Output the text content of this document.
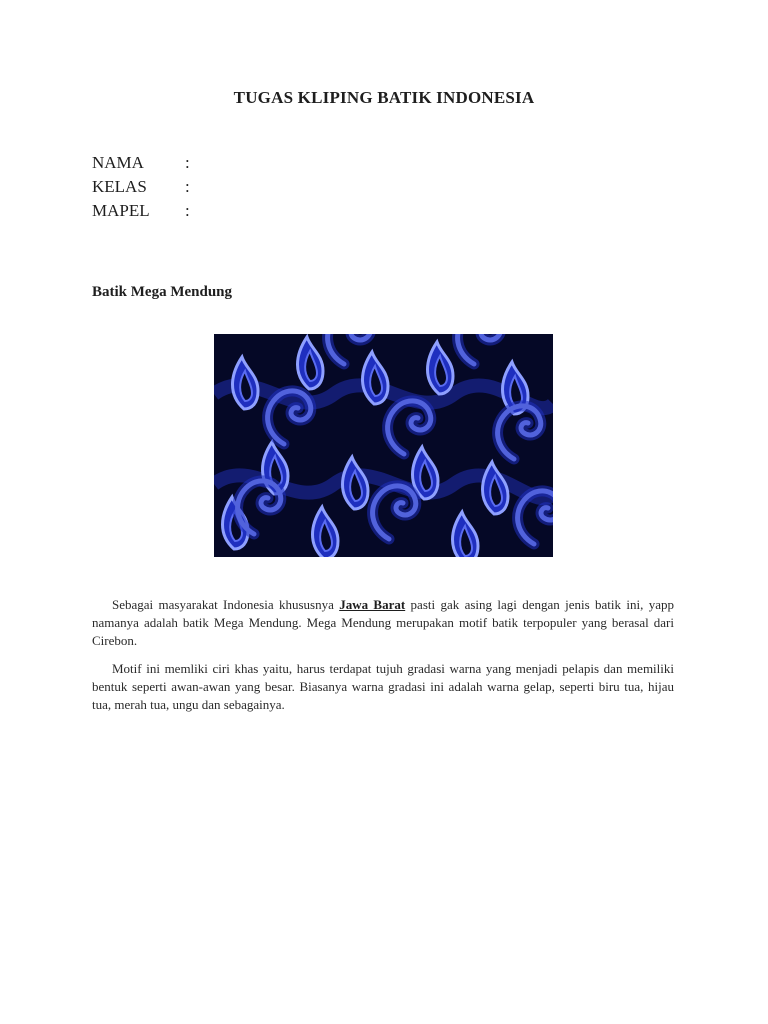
TUGAS KLIPING BATIK INDONESIA
NAMA	:
KELAS	:
MAPEL	:
Batik Mega Mendung

Sebagai masyarakat Indonesia khususnya Jawa Barat pasti gak asing lagi dengan jenis batik ini, yapp namanya adalah batik Mega Mendung. Mega Mendung merupakan motif batik terpopuler yang berasal dari Cirebon.

Motif ini memliki ciri khas yaitu, harus terdapat tujuh gradasi warna yang menjadi pelapis dan memiliki bentuk seperti awan-awan yang besar. Biasanya warna gradasi ini adalah warna gelap, seperti biru tua, hijau tua, merah tua, ungu dan sebagainya.
